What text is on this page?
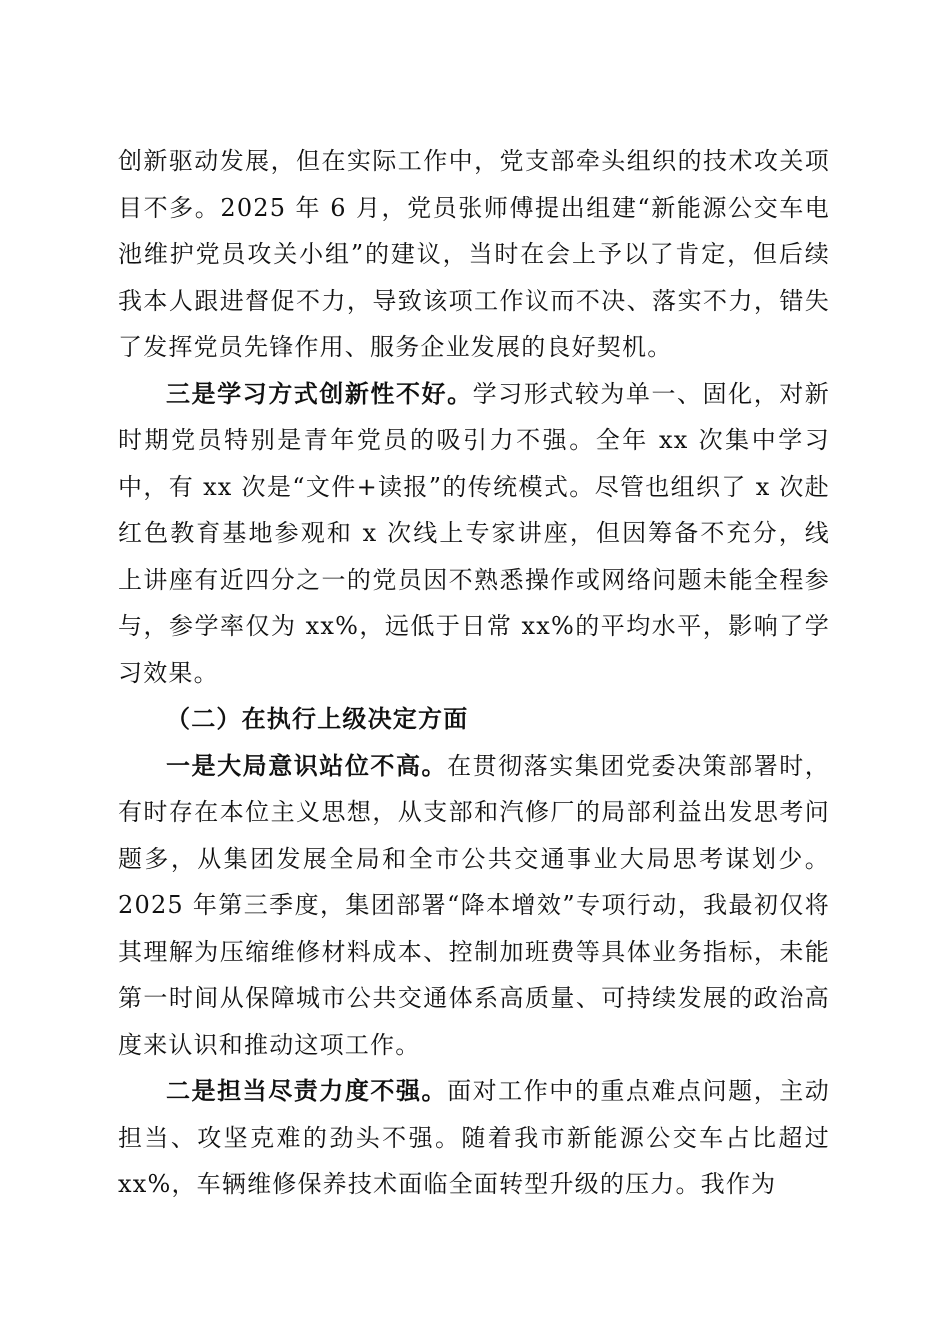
创新驱动发展，但在实际工作中，党支部牵头组织的技术攻关项目不多。2025 年 6 月，党员张师傅提出组建“新能源公交车电池维护党员攻关小组”的建议，当时在会上予以了肯定，但后续我本人跟进督促不力，导致该项工作议而不决、落实不力，错失了发挥党员先锋作用、服务企业发展的良好契机。

三是学习方式创新性不好。学习形式较为单一、固化，对新时期党员特别是青年党员的吸引力不强。全年 xx 次集中学习中，有 xx 次是“文件+读报”的传统模式。尽管也组织了 x 次赴红色教育基地参观和 x 次线上专家讲座，但因筹备不充分，线上讲座有近四分之一的党员因不熟悉操作或网络问题未能全程参与，参学率仅为 xx%，远低于日常 xx%的平均水平，影响了学习效果。

（二）在执行上级决定方面

一是大局意识站位不高。在贯彻落实集团党委决策部署时，有时存在本位主义思想，从支部和汽修厂的局部利益出发思考问题多，从集团发展全局和全市公共交通事业大局思考谋划少。2025 年第三季度，集团部署“降本增效”专项行动，我最初仅将其理解为压缩维修材料成本、控制加班费等具体业务指标，未能第一时间从保障城市公共交通体系高质量、可持续发展的政治高度来认识和推动这项工作。

二是担当尽责力度不强。面对工作中的重点难点问题，主动担当、攻坚克难的劲头不强。随着我市新能源公交车占比超过 xx%，车辆维修保养技术面临全面转型升级的压力。我作为
